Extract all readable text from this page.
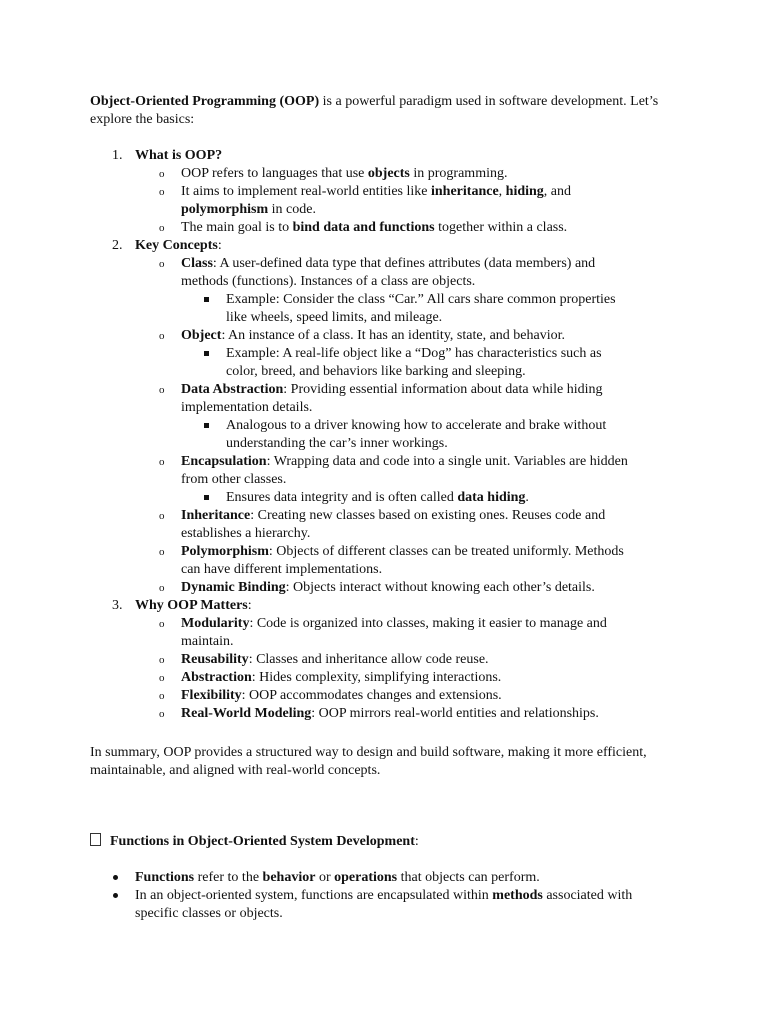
Object-Oriented Programming (OOP) is a powerful paradigm used in software development. Let’s explore the basics:

1. What is OOP?
o OOP refers to languages that use objects in programming.
o It aims to implement real-world entities like inheritance, hiding, and polymorphism in code.
o The main goal is to bind data and functions together within a class.
2. Key Concepts:
o Class: A user-defined data type that defines attributes (data members) and methods (functions). Instances of a class are objects.
Example: Consider the class “Car.” All cars share common properties like wheels, speed limits, and mileage.
o Object: An instance of a class. It has an identity, state, and behavior.
Example: A real-life object like a “Dog” has characteristics such as color, breed, and behaviors like barking and sleeping.
o Data Abstraction: Providing essential information about data while hiding implementation details.
Analogous to a driver knowing how to accelerate and brake without understanding the car’s inner workings.
o Encapsulation: Wrapping data and code into a single unit. Variables are hidden from other classes.
Ensures data integrity and is often called data hiding.
o Inheritance: Creating new classes based on existing ones. Reuses code and establishes a hierarchy.
o Polymorphism: Objects of different classes can be treated uniformly. Methods can have different implementations.
o Dynamic Binding: Objects interact without knowing each other’s details.
3. Why OOP Matters:
o Modularity: Code is organized into classes, making it easier to manage and maintain.
o Reusability: Classes and inheritance allow code reuse.
o Abstraction: Hides complexity, simplifying interactions.
o Flexibility: OOP accommodates changes and extensions.
o Real-World Modeling: OOP mirrors real-world entities and relationships.

In summary, OOP provides a structured way to design and build software, making it more efficient, maintainable, and aligned with real-world concepts.

Functions in Object-Oriented System Development:

Functions refer to the behavior or operations that objects can perform.
In an object-oriented system, functions are encapsulated within methods associated with specific classes or objects.
